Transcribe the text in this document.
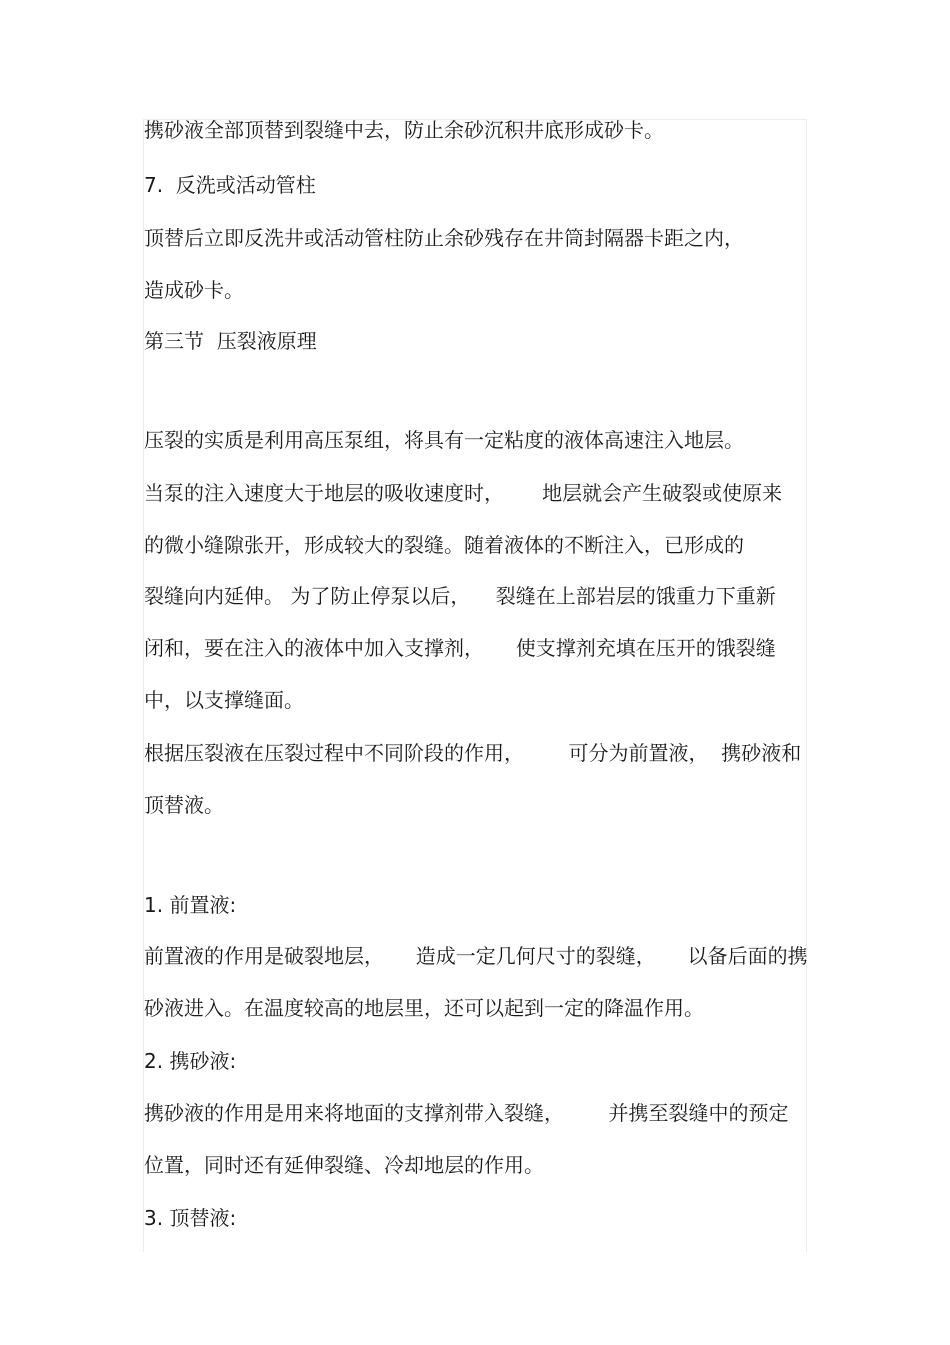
携砂液全部顶替到裂缝中去，防止余砂沉积井底形成砂卡。
7.  反洗或活动管柱
顶替后立即反洗井或活动管柱防止余砂残存在井筒封隔器卡距之内，
造成砂卡。
第三节  压裂液原理
压裂的实质是利用高压泵组，将具有一定粘度的液体高速注入地层。
当泵的注入速度大于地层的吸收速度时，      地层就会产生破裂或使原来
的微小缝隙张开，形成较大的裂缝。随着液体的不断注入，已形成的
裂缝向内延伸。 为了防止停泵以后，    裂缝在上部岩层的饿重力下重新
闭和，要在注入的液体中加入支撑剂，     使支撑剂充填在压开的饿裂缝
中，以支撑缝面。
根据压裂液在压裂过程中不同阶段的作用，       可分为前置液，  携砂液和
顶替液。
1. 前置液:
前置液的作用是破裂地层，     造成一定几何尺寸的裂缝，     以备后面的携
砂液进入。在温度较高的地层里，还可以起到一定的降温作用。
2. 携砂液:
携砂液的作用是用来将地面的支撑剂带入裂缝，       并携至裂缝中的预定
位置，同时还有延伸裂缝、冷却地层的作用。
3. 顶替液:
